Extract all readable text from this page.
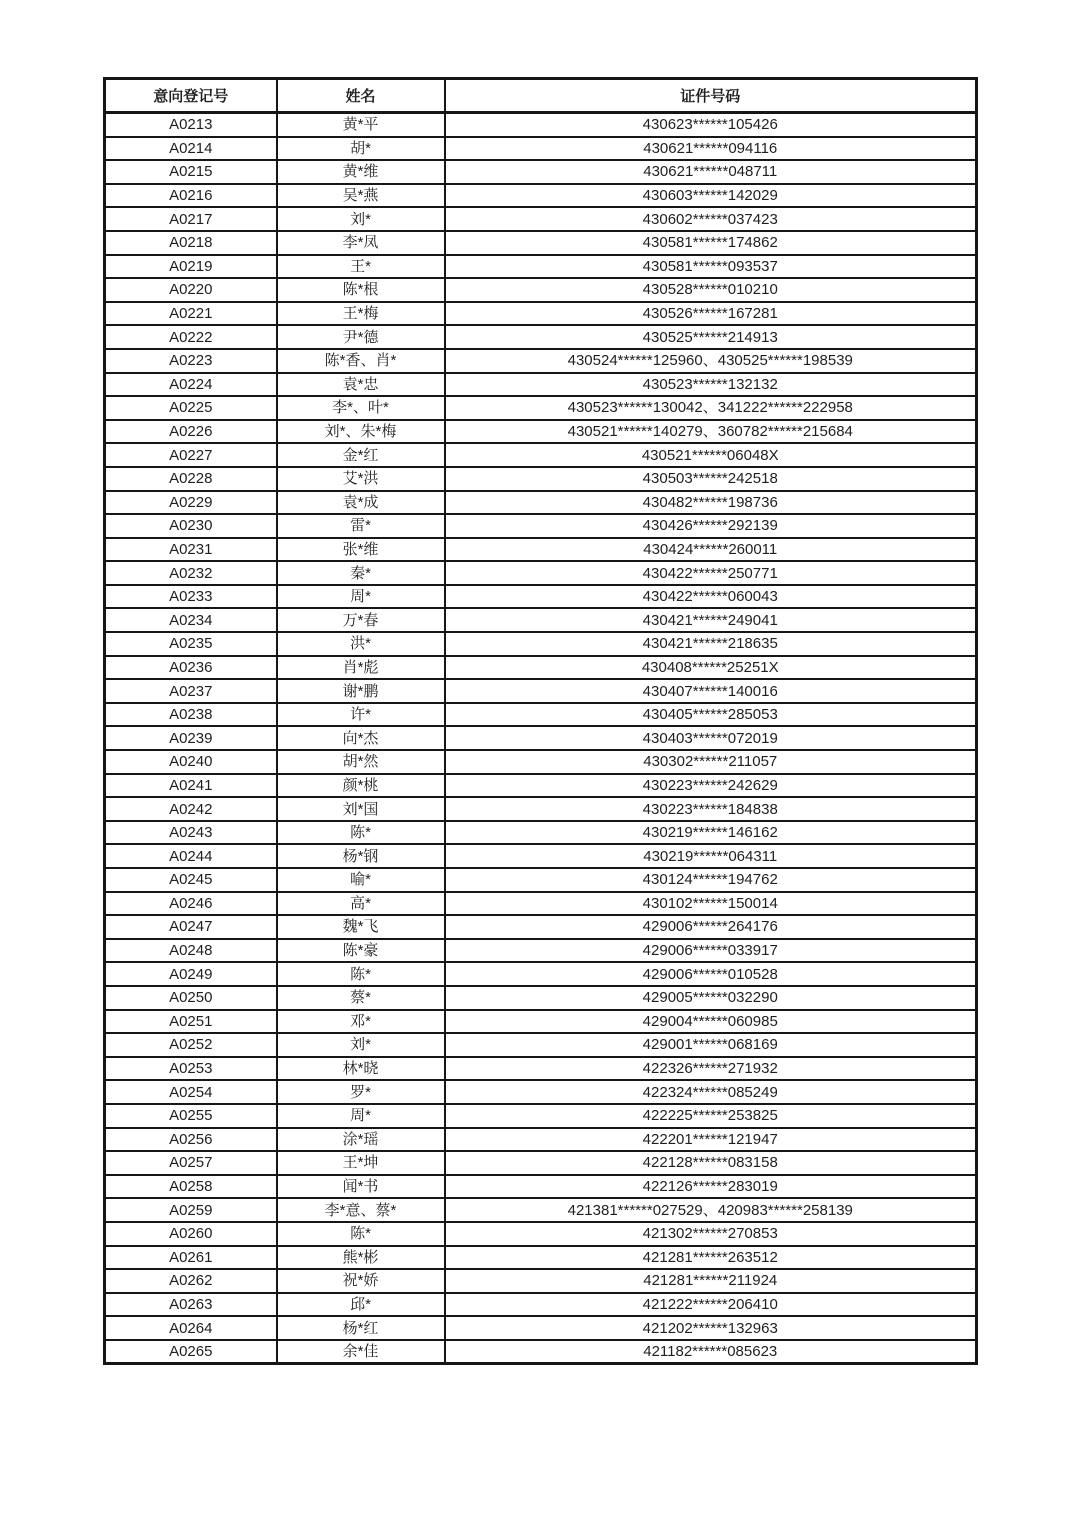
意向登记号	姓名	证件号码
A0213	黄*平	430623******105426
A0214	胡*	430621******094116
A0215	黄*维	430621******048711
A0216	吴*燕	430603******142029
A0217	刘*	430602******037423
A0218	李*凤	430581******174862
A0219	王*	430581******093537
A0220	陈*根	430528******010210
A0221	王*梅	430526******167281
A0222	尹*德	430525******214913
A0223	陈*香、肖*	430524******125960、430525******198539
A0224	袁*忠	430523******132132
A0225	李*、叶*	430523******130042、341222******222958
A0226	刘*、朱*梅	430521******140279、360782******215684
A0227	金*红	430521******06048X
A0228	艾*洪	430503******242518
A0229	袁*成	430482******198736
A0230	雷*	430426******292139
A0231	张*维	430424******260011
A0232	秦*	430422******250771
A0233	周*	430422******060043
A0234	万*春	430421******249041
A0235	洪*	430421******218635
A0236	肖*彪	430408******25251X
A0237	谢*鹏	430407******140016
A0238	许*	430405******285053
A0239	向*杰	430403******072019
A0240	胡*然	430302******211057
A0241	颜*桃	430223******242629
A0242	刘*国	430223******184838
A0243	陈*	430219******146162
A0244	杨*钢	430219******064311
A0245	喻*	430124******194762
A0246	高*	430102******150014
A0247	魏*飞	429006******264176
A0248	陈*豪	429006******033917
A0249	陈*	429006******010528
A0250	蔡*	429005******032290
A0251	邓*	429004******060985
A0252	刘*	429001******068169
A0253	林*晓	422326******271932
A0254	罗*	422324******085249
A0255	周*	422225******253825
A0256	涂*瑶	422201******121947
A0257	王*坤	422128******083158
A0258	闻*书	422126******283019
A0259	李*意、蔡*	421381******027529、420983******258139
A0260	陈*	421302******270853
A0261	熊*彬	421281******263512
A0262	祝*娇	421281******211924
A0263	邱*	421222******206410
A0264	杨*红	421202******132963
A0265	余*佳	421182******085623
